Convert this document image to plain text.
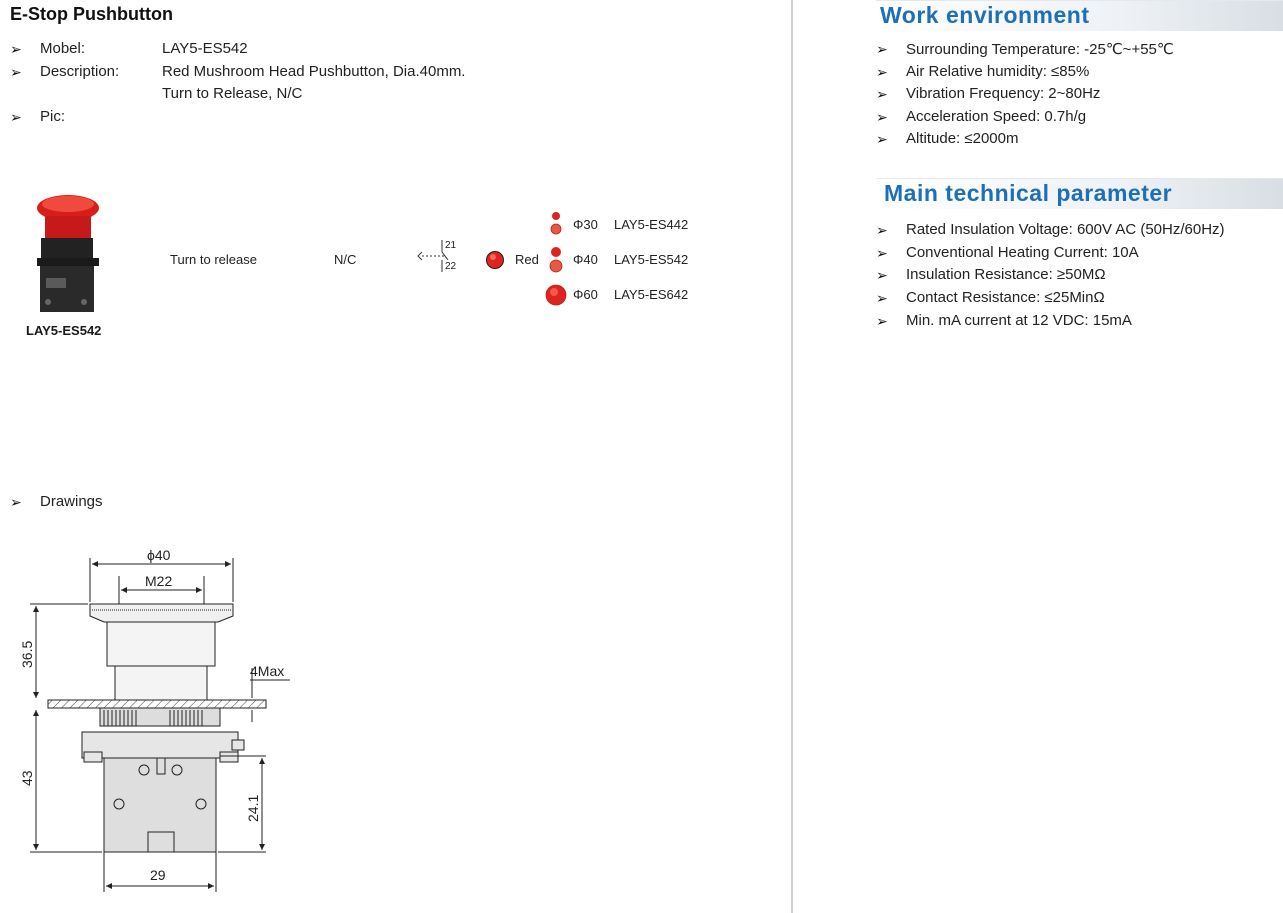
E-Stop Pushbutton
➢ Mobel:	LAY5-ES542
➢ Description:	Red Mushroom Head Pushbutton, Dia.40mm.
Turn to Release, N/C
➢ Pic:
LAY5-ES542
Turn to release	N/C
21
22	Red
Φ30 LAY5-ES442
Φ40 LAY5-ES542
Φ60 LAY5-ES642
➢ Drawings
ϕ40
M22
4Max
29
36.5
43
24.1
Work environment
➢ Surrounding Temperature: -25℃~+55℃
➢ Air Relative humidity: ≤85%
➢ Vibration Frequency: 2~80Hz
➢ Acceleration Speed: 0.7h/g
➢ Altitude: ≤2000m
Main technical parameter
➢ Rated Insulation Voltage: 600V AC (50Hz/60Hz)
➢ Conventional Heating Current: 10A
➢ Insulation Resistance: ≥50MΩ
➢ Contact Resistance: ≤25MinΩ
➢ Min. mA current at 12 VDC: 15mA
